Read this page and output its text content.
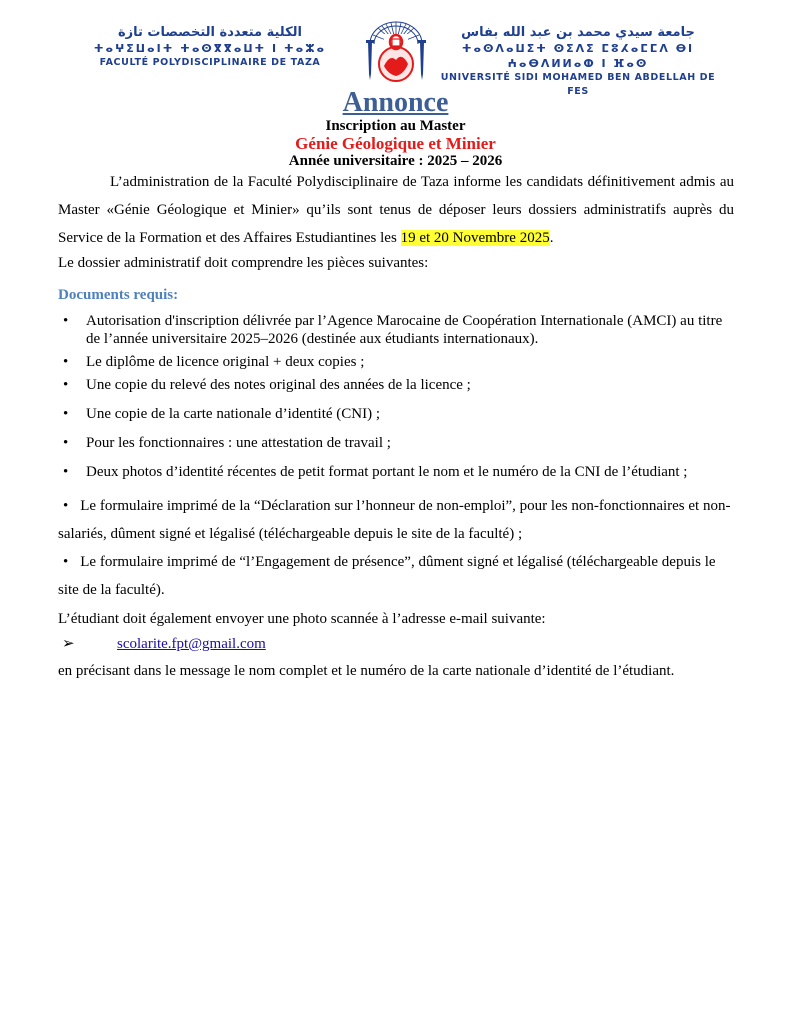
الكلية متعددة التخصصات تازة
ⵜⴰⵖⵉⵡⴰⵏⵜ ⵜⴰⵙⴳⴳⴰⵡⵜ ⵏ ⵜⴰⵣⴰ
FACULTÉ POLYDISCIPLINAIRE DE TAZA
جامعة سيدي محمد بن عبد الله بفاس
ⵜⴰⵙⴷⴰⵡⵉⵜ ⵙⵉⴷⵉ ⵎⵓⵃⴰⵎⵎⴷ ⴱⵏ ⵄⴰⴱⴷⵍⵍⴰⵀ ⵏ ⴼⴰⵙ
UNIVERSITÉ SIDI MOHAMED BEN ABDELLAH DE FES
Annonce
Inscription au Master
Génie Géologique et Minier
Année universitaire : 2025 – 2026

L’administration de la Faculté Polydisciplinaire de Taza informe les candidats définitivement admis au Master «Génie Géologique et Minier» qu’ils sont tenus de déposer leurs dossiers administratifs auprès du Service de la Formation et des Affaires Estudiantines les 19 et 20 Novembre 2025.

Le dossier administratif doit comprendre les pièces suivantes:

Documents requis:
• Autorisation d'inscription délivrée par l’Agence Marocaine de Coopération Internationale (AMCI) au titre de l’année universitaire 2025–2026 (destinée aux étudiants internationaux).
• Le diplôme de licence original + deux copies ;
• Une copie du relevé des notes original des années de la licence ;
• Une copie de la carte nationale d’identité (CNI) ;
• Pour les fonctionnaires : une attestation de travail ;
• Deux photos d’identité récentes de petit format portant le nom et le numéro de la CNI de l’étudiant ;
• Le formulaire imprimé de la “Déclaration sur l’honneur de non-emploi”, pour les non-fonctionnaires et non-salariés, dûment signé et légalisé (téléchargeable depuis le site de la faculté) ;
• Le formulaire imprimé de “l’Engagement de présence”, dûment signé et légalisé (téléchargeable depuis le site de la faculté).

L’étudiant doit également envoyer une photo scannée à l’adresse e-mail suivante:

➢	scolarite.fpt@gmail.com

en précisant dans le message le nom complet et le numéro de la carte nationale d’identité de l’étudiant.
